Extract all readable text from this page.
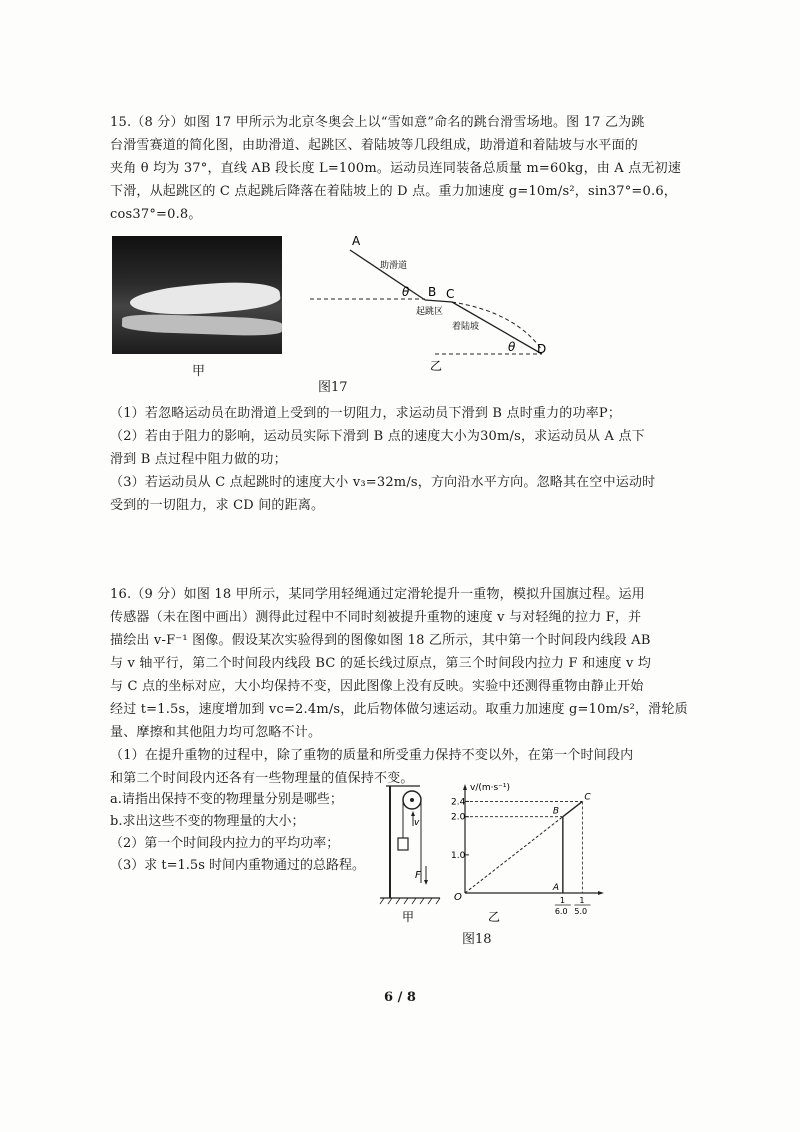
15.（8 分）如图 17 甲所示为北京冬奥会上以“雪如意”命名的跳台滑雪场地。图 17 乙为跳
台滑雪赛道的简化图，由助滑道、起跳区、着陆坡等几段组成，助滑道和着陆坡与水平面的
夹角 θ 均为 37°，直线 AB 段长度 L=100m。运动员连同装备总质量 m=60kg，由 A 点无初速
下滑，从起跳区的 C 点起跳后降落在着陆坡上的 D 点。重力加速度 g=10m/s²，sin37°=0.6，
cos37°=0.8。
甲
A
B C
D
θ
θ
助滑道
起跳区
着陆坡
乙
图17
（1）若忽略运动员在助滑道上受到的一切阻力，求运动员下滑到 B 点时重力的功率P；
（2）若由于阻力的影响，运动员实际下滑到 B 点的速度大小为30m/s，求运动员从 A 点下
滑到 B 点过程中阻力做的功；
（3）若运动员从 C 点起跳时的速度大小 v₃=32m/s，方向沿水平方向。忽略其在空中运动时
受到的一切阻力，求 CD 间的距离。
16.（9 分）如图 18 甲所示，某同学用轻绳通过定滑轮提升一重物，模拟升国旗过程。运用
传感器（未在图中画出）测得此过程中不同时刻被提升重物的速度 v 与对轻绳的拉力 F，并
描绘出 v-F⁻¹ 图像。假设某次实验得到的图像如图 18 乙所示，其中第一个时间段内线段 AB
与 v 轴平行，第二个时间段内线段 BC 的延长线过原点，第三个时间段内拉力 F 和速度 v 均
与 C 点的坐标对应，大小均保持不变，因此图像上没有反映。实验中还测得重物由静止开始
经过 t=1.5s，速度增加到 vc=2.4m/s，此后物体做匀速运动。取重力加速度 g=10m/s²，滑轮质
量、摩擦和其他阻力均可忽略不计。
（1）在提升重物的过程中，除了重物的质量和所受重力保持不变以外，在第一个时间段内
和第二个时间段内还各有一些物理量的值保持不变。
a.请指出保持不变的物理量分别是哪些；
b.求出这些不变的物理量的大小；
（2）第一个时间段内拉力的平均功率；
（3）求 t=1.5s 时间内重物通过的总路程。
v
F
甲
v/(m·s⁻¹)
O
1.0
2.0
2.4
A
B
C
1
6.0
1
5.0
乙
图18
6 / 8
